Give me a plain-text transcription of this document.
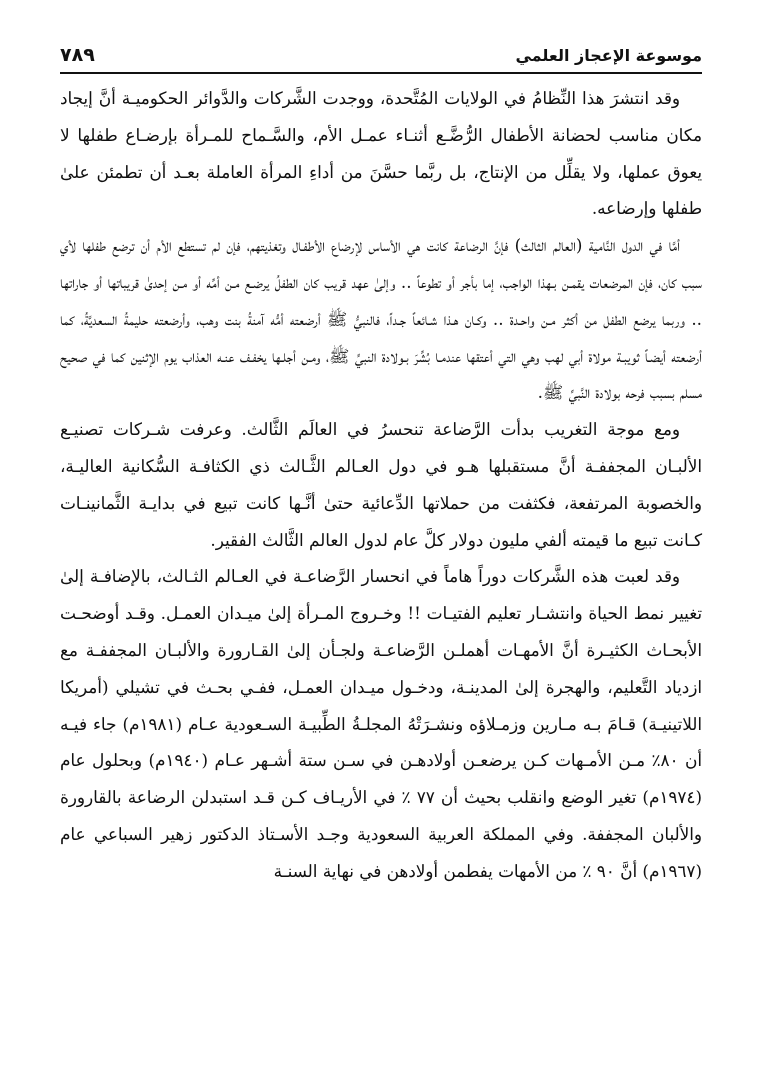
موسوعة الإعجاز العلمي
٧٨٩

وقد انتشرَ هذا النِّظامُ في الولايات المُتَّحدة، ووجدت الشَّركات والدَّوائر الحكوميـة أنَّ إيجاد مكان مناسب لحضانة الأطفال الرُّضَّـع أثنـاء عمـل الأم، والسَّـماح للمـرأة بإرضـاع طفلها لا يعوق عملها، ولا يقلِّل من الإنتاج، بل ربَّما حسَّنَ من أداءِ المرأة العاملة بعـد أن تطمئن علىٰ طفلها وإرضاعه.

أمَّا في الدول النَّامية (العالم الثالث) فإنَّ الرضاعة كانت هي الأساس لإرضاع الأطفـال وتغذيتهم، فإن لم تستطع الأم أن ترضع طفلها لأي سبب كان، فإن المرضعات يقمـن بـهذا الواجب، إما بأجر أو تطوعاً .. وإلىٰ عهد قريب كان الطفلُ يرضـع مـن أمِّه أو مـن إحدىٰ قريباتها أو جاراتها .. وربما يرضع الطفل من أكثر مـن واحـدة .. وكـان هـذا شـائعاً جـداً، فالنبيُّ ﷺ أرضعته أمُّه آمنةُ بنت وهب، وأرضعته حليمةُ السعديَّةُ، كما أرضعته أيضـاً ثويبـة مولاة أبي لهب وهي التي أعتقها عندمـا بُشِّرَ بـولادة النبيِّ ﷺ، ومـن أجلـها يخفـف عنـه العذاب يوم الإثنين كما في صحيح مسلم بسبب فرحه بولادة النَّبيِّ ﷺ.

ومع موجة التغريب بدأت الرَّضاعة تنحسرُ في العالَم الثَّالث. وعرفت شـركات تصنيـع الألبـان المجففـة أنَّ مستقبلها هـو في دول العـالم الثَّـالث ذي الكثافـة السُّكانية العاليـة، والخصوبة المرتفعة، فكثفت من حملاتها الدِّعائية حتىٰ أنَّـها كانت تبيع في بدايـة الثَّمانينـات كـانت تبيع ما قيمته ألفي مليون دولار كلَّ عام لدول العالم الثَّالث الفقير.

وقد لعبت هذه الشَّركات دوراً هاماً في انحسار الرَّضاعـة في العـالم الثـالث، بالإضافـة إلىٰ تغيير نمط الحياة وانتشـار تعليم الفتيـات !! وخـروج المـرأة إلىٰ ميـدان العمـل. وقـد أوضحـت الأبحـاث الكثيـرة أنَّ الأمهـات أهملـن الرَّضاعـة ولجـأن إلىٰ القـارورة والألبـان المجففـة مع ازدياد التَّعليم، والهجرة إلىٰ المدينـة، ودخـول ميـدان العمـل، ففـي بحـث في تشيلي (أمريكا اللاتينيـة) قـامَ بـه مـارين وزمـلاؤه ونشـرَتْهُ المجلـةُ الطِّبيـة السـعودية عـام (١٩٨١م) جاء فيـه أن ٨٠٪ مـن الأمـهات كـن يرضعـن أولادهـن في سـن ستة أشـهر عـام (١٩٤٠م) وبحلول عام (١٩٧٤م) تغير الوضع وانقلب بحيث أن ٧٧ ٪ في الأريـاف كـن قـد استبدلن الرضاعة بالقارورة والألبان المجففة. وفي المملكة العربية السعودية وجـد الأسـتاذ الدكتور زهير السباعي عام (١٩٦٧م) أنَّ ٩٠ ٪ من الأمهات يفطمن أولادهن في نهاية السنـة
